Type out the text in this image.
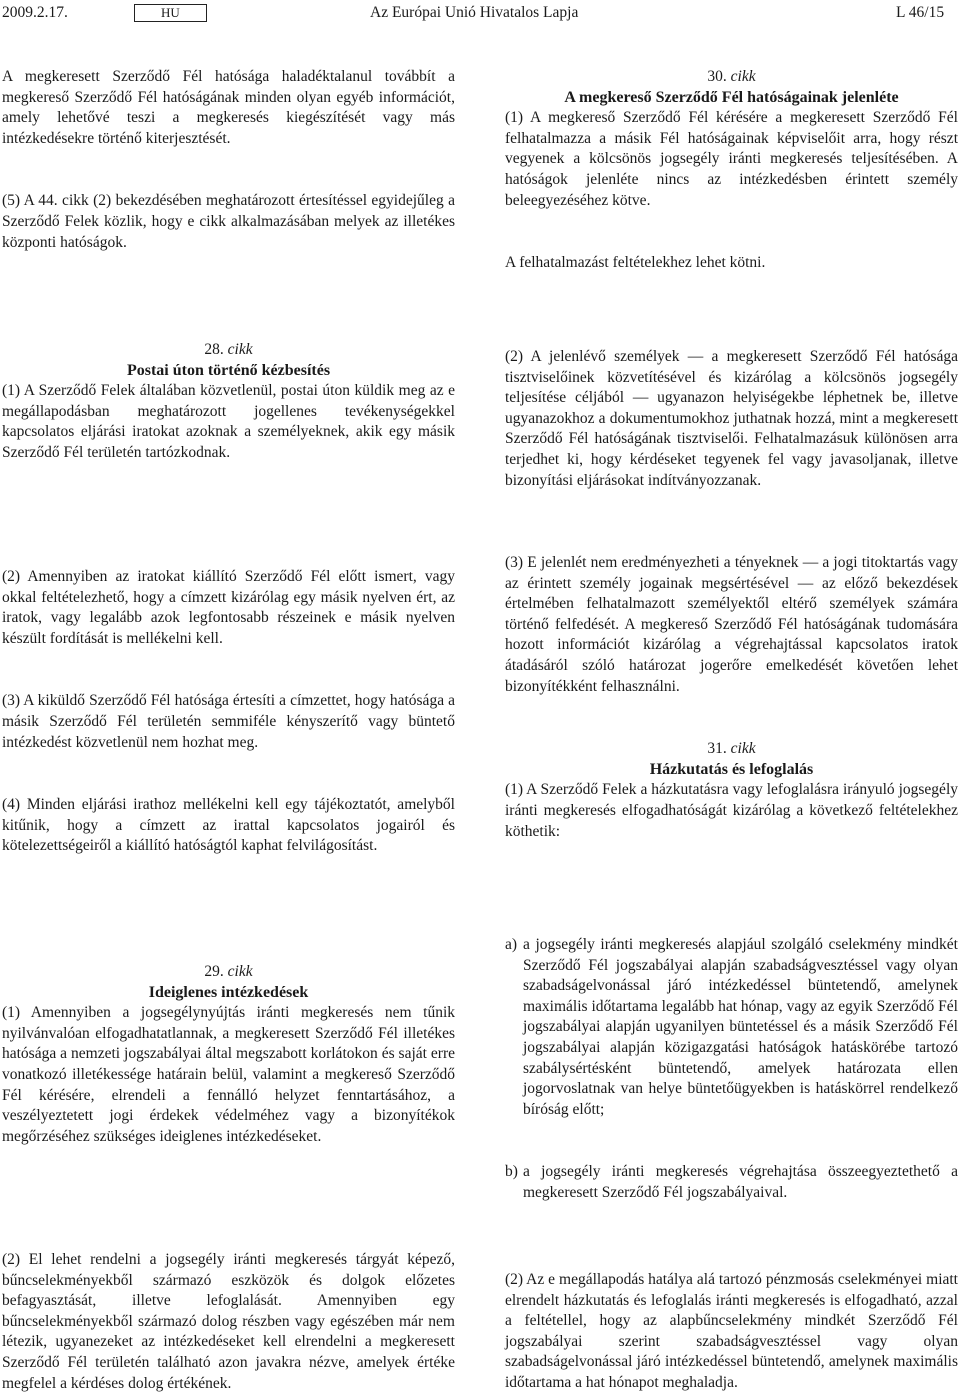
2009.2.17.	HU	Az Európai Unió Hivatalos Lapja	L 46/15

A megkeresett Szerződő Fél hatósága haladéktalanul továbbít a megkereső Szerződő Fél hatóságának minden olyan egyéb információt, amely lehetővé teszi a megkeresés kiegészítését vagy más intézkedésekre történő kiterjesztését.

(5) A 44. cikk (2) bekezdésében meghatározott értesítéssel egyidejűleg a Szerződő Felek közlik, hogy e cikk alkalmazásában melyek az illetékes központi hatóságok.

28. cikk

Postai úton történő kézbesítés

(1) A Szerződő Felek általában közvetlenül, postai úton küldik meg az e megállapodásban meghatározott jogellenes tevékenységekkel kapcsolatos eljárási iratokat azoknak a személyeknek, akik egy másik Szerződő Fél területén tartózkodnak.

(2) Amennyiben az iratokat kiállító Szerződő Fél előtt ismert, vagy okkal feltételezhető, hogy a címzett kizárólag egy másik nyelven ért, az iratok, vagy legalább azok legfontosabb részeinek e másik nyelven készült fordítását is mellékelni kell.

(3) A kiküldő Szerződő Fél hatósága értesíti a címzettet, hogy hatósága a másik Szerződő Fél területén semmiféle kényszerítő vagy büntető intézkedést közvetlenül nem hozhat meg.

(4) Minden eljárási irathoz mellékelni kell egy tájékoztatót, amelyből kitűnik, hogy a címzett az irattal kapcsolatos jogairól és kötelezettségeiről a kiállító hatóságtól kaphat felvilágosítást.

29. cikk

Ideiglenes intézkedések

(1) Amennyiben a jogsegélynyújtás iránti megkeresés nem tűnik nyilvánvalóan elfogadhatatlannak, a megkeresett Szerződő Fél illetékes hatósága a nemzeti jogszabályai által megszabott korlátokon és saját erre vonatkozó illetékessége határain belül, valamint a megkereső Szerződő Fél kérésére, elrendeli a fennálló helyzet fenntartásához, a veszélyeztetett jogi érdekek védelméhez vagy a bizonyítékok megőrzéséhez szükséges ideiglenes intézkedéseket.

(2) El lehet rendelni a jogsegély iránti megkeresés tárgyát képező, bűncselekményekből származó eszközök és dolgok előzetes befagyasztását, illetve lefoglalását. Amennyiben egy bűncselekményekből származó dolog részben vagy egészében már nem létezik, ugyanezeket az intézkedéseket kell elrendelni a megkeresett Szerződő Fél területén található azon javakra nézve, amelyek értéke megfelel a kérdéses dolog értékének.

30. cikk

A megkereső Szerződő Fél hatóságainak jelenléte

(1) A megkereső Szerződő Fél kérésére a megkeresett Szerződő Fél felhatalmazza a másik Fél hatóságainak képviselőit arra, hogy részt vegyenek a kölcsönös jogsegély iránti megkeresés teljesítésében. A hatóságok jelenléte nincs az intézkedésben érintett személy beleegyezéséhez kötve.

A felhatalmazást feltételekhez lehet kötni.

(2) A jelenlévő személyek — a megkeresett Szerződő Fél hatósága tisztviselőinek közvetítésével és kizárólag a kölcsönös jogsegély teljesítése céljából — ugyanazon helyiségekbe léphetnek be, illetve ugyanazokhoz a dokumentumokhoz juthatnak hozzá, mint a megkeresett Szerződő Fél hatóságának tisztviselői. Felhatalmazásuk különösen arra terjedhet ki, hogy kérdéseket tegyenek fel vagy javasoljanak, illetve bizonyítási eljárásokat indítványozzanak.

(3) E jelenlét nem eredményezheti a tényeknek — a jogi titoktartás vagy az érintett személy jogainak megsértésével — az előző bekezdések értelmében felhatalmazott személyektől eltérő személyek számára történő felfedését. A megkereső Szerződő Fél hatóságának tudomására hozott információt kizárólag a végrehajtással kapcsolatos iratok átadásáról szóló határozat jogerőre emelkedését követően lehet bizonyítékként felhasználni.

31. cikk

Házkutatás és lefoglalás

(1) A Szerződő Felek a házkutatásra vagy lefoglalásra irányuló jogsegély iránti megkeresés elfogadhatóságát kizárólag a következő feltételekhez köthetik:

a) a jogsegély iránti megkeresés alapjául szolgáló cselekmény mindkét Szerződő Fél jogszabályai alapján szabadságvesztéssel vagy olyan szabadságelvonással járó intézkedéssel büntetendő, amelynek maximális időtartama legalább hat hónap, vagy az egyik Szerződő Fél jogszabályai alapján ugyanilyen büntetéssel és a másik Szerződő Fél jogszabályai alapján közigazgatási hatóságok hatáskörébe tartozó szabálysértésként büntetendő, amelyek határozata ellen jogorvoslatnak van helye büntetőügyekben is hatáskörrel rendelkező bíróság előtt;
b) a jogsegély iránti megkeresés végrehajtása összeegyeztethető a megkeresett Szerződő Fél jogszabályaival.

(2) Az e megállapodás hatálya alá tartozó pénzmosás cselekményei miatt elrendelt házkutatás és lefoglalás iránti megkeresés is elfogadható, azzal a feltétellel, hogy az alapbűncselekmény mindkét Szerződő Fél jogszabályai szerint szabadságvesztéssel vagy olyan szabadságelvonással járó intézkedéssel büntetendő, amelynek maximális időtartama a hat hónapot meghaladja.
